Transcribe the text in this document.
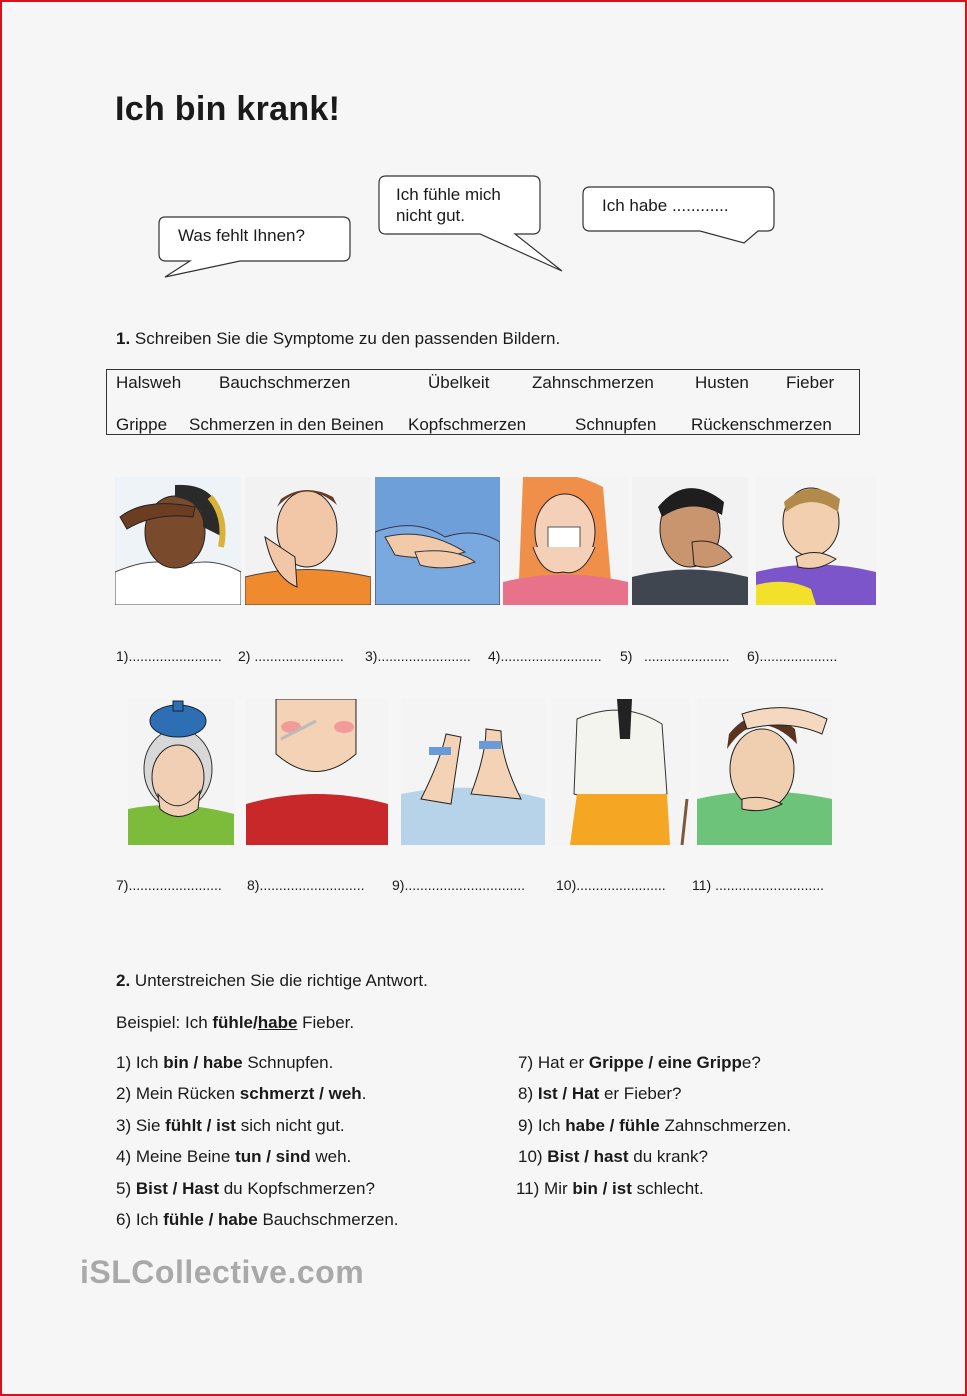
Ich bin krank!
Was fehlt Ihnen?
Ich fühle mich nicht gut.
Ich habe ............
1. Schreiben Sie die Symptome zu den passenden Bildern.
Halsweh Bauchschmerzen	Übelkeit	Zahnschmerzen Husten Fieber
Grippe Schmerzen in den Beinen Kopfschmerzen	Schnupfen Rückenschmerzen
1)........................ 2) ....................... 3)........................ 4).......................... 5) ...................... 6)....................
7)........................ 8)........................... 9)............................... 10)....................... 11) ............................
2. Unterstreichen Sie die richtige Antwort.
Beispiel: Ich fühle/habe Fieber.
1) Ich bin / habe Schnupfen.
2) Mein Rücken schmerzt / weh.
3) Sie fühlt / ist sich nicht gut.
4) Meine Beine tun / sind weh.
5) Bist / Hast du Kopfschmerzen?
6) Ich fühle / habe Bauchschmerzen.
7) Hat er Grippe / eine Grippe?
8) Ist / Hat er Fieber?
9) Ich habe / fühle Zahnschmerzen.
10) Bist / hast du krank?
11) Mir bin / ist schlecht.
iSLCollective.com
